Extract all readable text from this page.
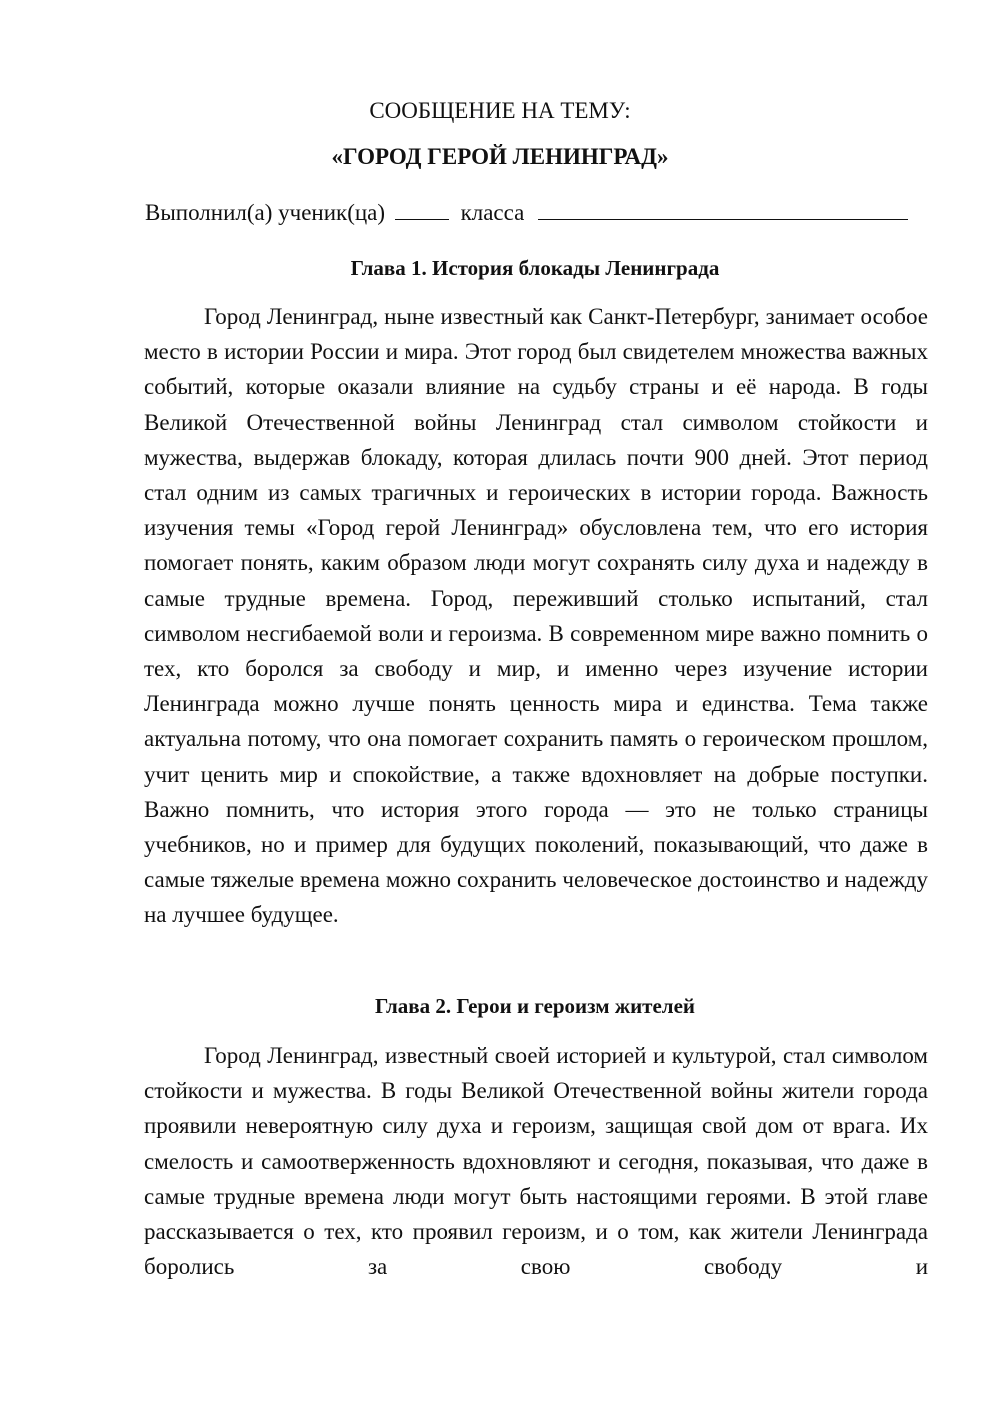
СООБЩЕНИЕ НА ТЕМУ:
«ГОРОД ГЕРОЙ ЛЕНИНГРАД»
Выполнил(а) ученик(ца)	класса
Глава 1. История блокады Ленинграда

Город Ленинград, ныне известный как Санкт-Петербург, занимает особое место в истории России и мира. Этот город был свидетелем множества важных событий, которые оказали влияние на судьбу страны и её народа. В годы Великой Отечественной войны Ленинград стал символом стойкости и мужества, выдержав блокаду, которая длилась почти 900 дней. Этот период стал одним из самых трагичных и героических в истории города. Важность изучения темы «Город герой Ленинград» обусловлена тем, что его история помогает понять, каким образом люди могут сохранять силу духа и надежду в самые трудные времена. Город, переживший столько испытаний, стал символом несгибаемой воли и героизма. В современном мире важно помнить о тех, кто боролся за свободу и мир, и именно через изучение истории Ленинграда можно лучше понять ценность мира и единства. Тема также актуальна потому, что она помогает сохранить память о героическом прошлом, учит ценить мир и спокойствие, а также вдохновляет на добрые поступки. Важно помнить, что история этого города — это не только страницы учебников, но и пример для будущих поколений, показывающий, что даже в самые тяжелые времена можно сохранить человеческое достоинство и надежду на лучшее будущее.

Глава 2. Герои и героизм жителей

Город Ленинград, известный своей историей и культурой, стал символом стойкости и мужества. В годы Великой Отечественной войны жители города проявили невероятную силу духа и героизм, защищая свой дом от врага. Их смелость и самоотверженность вдохновляют и сегодня, показывая, что даже в самые трудные времена люди могут быть настоящими героями. В этой главе рассказывается о тех, кто проявил героизм, и о том, как жители Ленинграда боролись за свою свободу и
